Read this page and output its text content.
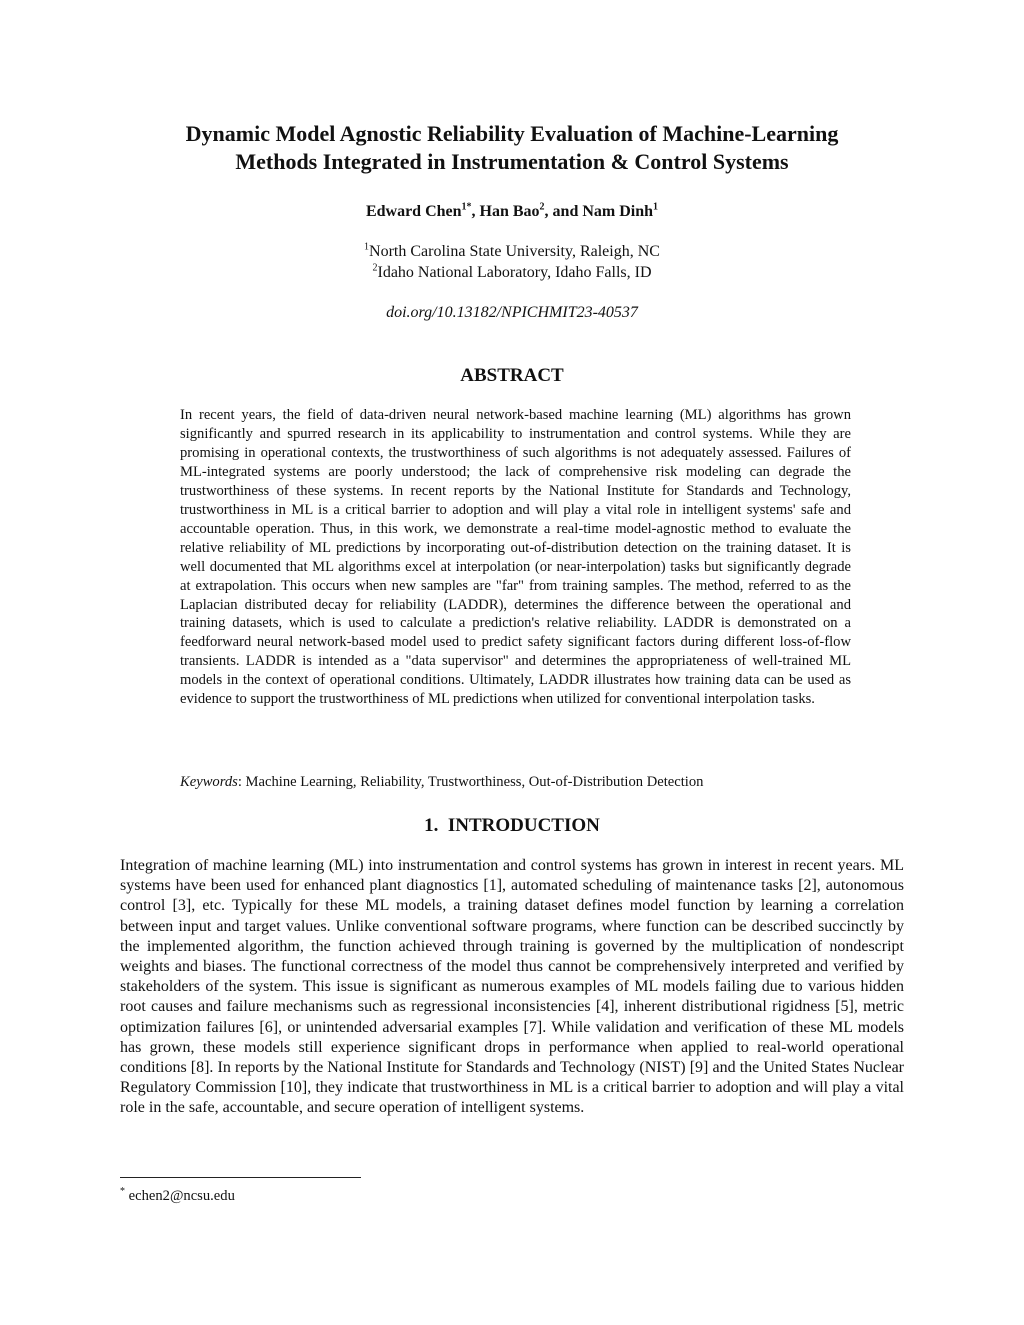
Dynamic Model Agnostic Reliability Evaluation of Machine-Learning
Methods Integrated in Instrumentation & Control Systems
Edward Chen$^{1*}$, Han Bao$^2$, and Nam Dinh$^1$
$^1$North Carolina State University, Raleigh, NC
$^2$Idaho National Laboratory, Idaho Falls, ID
doi.org/10.13182/NPICHMIT23-40537
ABSTRACT

In recent years, the field of data-driven neural network-based machine learning (ML) algorithms has grown significantly and spurred research in its applicability to instrumentation and control systems. While they are promising in operational contexts, the trustworthiness of such algorithms is not adequately assessed. Failures of ML-integrated systems are poorly understood; the lack of comprehensive risk modeling can degrade the trustworthiness of these systems. In recent reports by the National Institute for Standards and Technology, trustworthiness in ML is a critical barrier to adoption and will play a vital role in intelligent systems' safe and accountable operation. Thus, in this work, we demonstrate a real-time model-agnostic method to evaluate the relative reliability of ML predictions by incorporating out-of-distribution detection on the training dataset. It is well documented that ML algorithms excel at interpolation (or near-interpolation) tasks but significantly degrade at extrapolation. This occurs when new samples are "far" from training samples. The method, referred to as the Laplacian distributed decay for reliability (LADDR), determines the difference between the operational and training datasets, which is used to calculate a prediction's relative reliability. LADDR is demonstrated on a feedforward neural network-based model used to predict safety significant factors during different loss-of-flow transients. LADDR is intended as a "data supervisor" and determines the appropriateness of well-trained ML models in the context of operational conditions. Ultimately, LADDR illustrates how training data can be used as evidence to support the trustworthiness of ML predictions when utilized for conventional interpolation tasks.

Keywords: Machine Learning, Reliability, Trustworthiness, Out-of-Distribution Detection

1. INTRODUCTION

Integration of machine learning (ML) into instrumentation and control systems has grown in interest in recent years. ML systems have been used for enhanced plant diagnostics [1], automated scheduling of maintenance tasks [2], autonomous control [3], etc. Typically for these ML models, a training dataset defines model function by learning a correlation between input and target values. Unlike conventional software programs, where function can be described succinctly by the implemented algorithm, the function achieved through training is governed by the multiplication of nondescript weights and biases. The functional correctness of the model thus cannot be comprehensively interpreted and verified by stakeholders of the system. This issue is significant as numerous examples of ML models failing due to various hidden root causes and failure mechanisms such as regressional inconsistencies [4], inherent distributional rigidness [5], metric optimization failures [6], or unintended adversarial examples [7]. While validation and verification of these ML models has grown, these models still experience significant drops in performance when applied to real-world operational conditions [8]. In reports by the National Institute for Standards and Technology (NIST) [9] and the United States Nuclear Regulatory Commission [10], they indicate that trustworthiness in ML is a critical barrier to adoption and will play a vital role in the safe, accountable, and secure operation of intelligent systems.

* echen2@ncsu.edu
